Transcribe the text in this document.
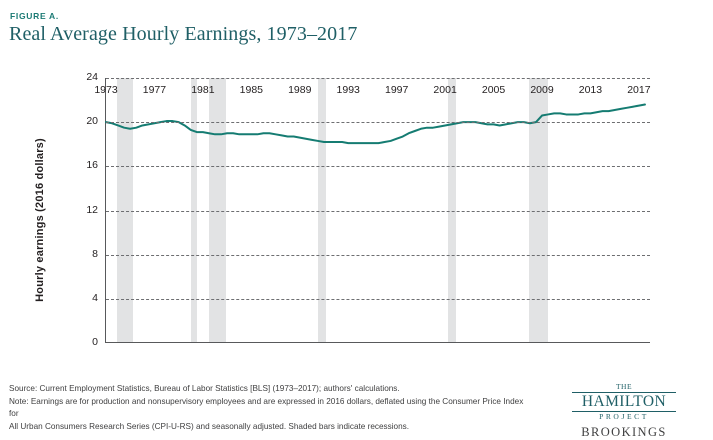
FIGURE A.
Real Average Hourly Earnings, 1973–2017
Hourly earnings (2016 dollars)
0
4
8
12
16
20
24
1973 1977 1981 1985 1989 1993 1997 2001 2005 2009 2013 2017
Source: Current Employment Statistics, Bureau of Labor Statistics [BLS] (1973–2017); authors' calculations.
Note: Earnings are for production and nonsupervisory employees and are expressed in 2016 dollars, deflated using the Consumer Price Index for
All Urban Consumers Research Series (CPI-U-RS) and seasonally adjusted. Shaded bars indicate recessions.
THE
HAMILTON
PROJECT
BROOKINGS
